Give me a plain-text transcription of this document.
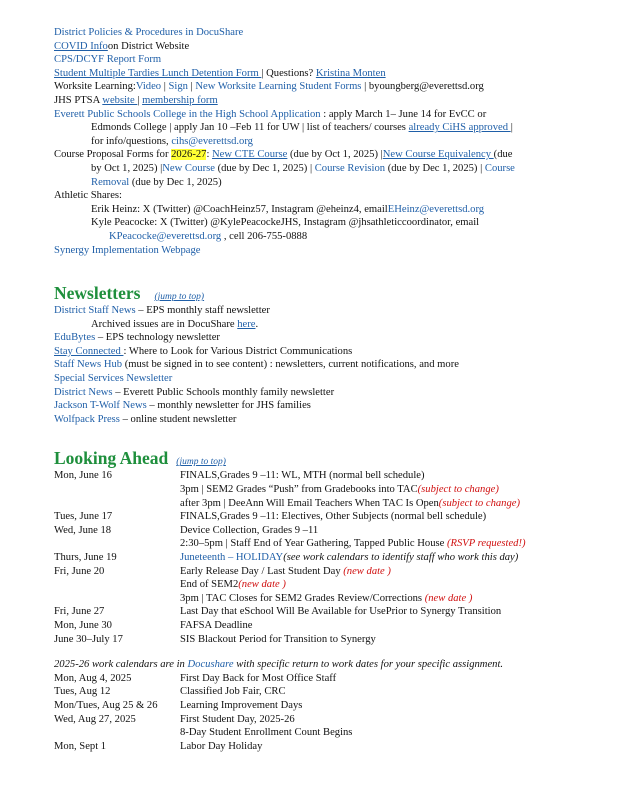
District Policies & Procedures in DocuShare
COVID Infoon District Website
CPS/DCYF Report Form
Student Multiple Tardies Lunch Detention Form | Questions? Kristina Monten
Worksite Learning:Video | Sign | New Worksite Learning Student Forms | byoungberg@everettsd.org
JHS PTSA website | membership form
Everett Public Schools College in the High School Application : apply March 1– June 14 for EvCC or
Edmonds College | apply Jan 10 –Feb 11 for UW | list of teachers/ courses already CiHS approved |
for info/questions, cihs@everettsd.org
Course Proposal Forms for 2026-27: New CTE Course (due by Oct 1, 2025) |New Course Equivalency (due
by Oct 1, 2025) |New Course (due by Dec 1, 2025) | Course Revision (due by Dec 1, 2025) | Course
Removal (due by Dec 1, 2025)
Athletic Shares:
Erik Heinz: X (Twitter) @CoachHeinz57, Instagram @eheinz4, emailEHeinz@everettsd.org
Kyle Peacocke: X (Twitter) @KylePeacockeJHS, Instagram @jhsathleticcoordinator, email
KPeacocke@everettsd.org , cell 206-755-0888
Synergy Implementation Webpage
Newsletters (jump to top)
District Staff News – EPS monthly staff newsletter
Archived issues are in DocuShare here.
EduBytes – EPS technology newsletter
Stay Connected : Where to Look for Various District Communications
Staff News Hub (must be signed in to see content) : newsletters, current notifications, and more
Special Services Newsletter
District News – Everett Public Schools monthly family newsletter
Jackson T-Wolf News – monthly newsletter for JHS families
Wolfpack Press – online student newsletter
Looking Ahead (jump to top)
Mon, June 16	FINALS,Grades 9 –11: WL, MTH (normal bell schedule)
3pm | SEM2 Grades “Push” from Gradebooks into TAC(subject to change)
after 3pm | DeeAnn Will Email Teachers When TAC Is Open(subject to change)
Tues, June 17	FINALS,Grades 9 –11: Electives, Other Subjects (normal bell schedule)
Wed, June 18	Device Collection, Grades 9 –11
2:30–5pm | Staff End of Year Gathering, Tapped Public House (RSVP requested!)
Thurs, June 19	Juneteenth – HOLIDAY(see work calendars to identify staff who work this day)
Fri, June 20	Early Release Day / Last Student Day (new date )
End of SEM2(new date )
3pm | TAC Closes for SEM2 Grades Review/Corrections (new date )
Fri, June 27	Last Day that eSchool Will Be Available for UsePrior to Synergy Transition
Mon, June 30	FAFSA Deadline
June 30–July 17	SIS Blackout Period for Transition to Synergy
2025-26 work calendars are in Docushare with specific return to work dates for your specific assignment.
Mon, Aug 4, 2025	First Day Back for Most Office Staff
Tues, Aug 12	Classified Job Fair, CRC
Mon/Tues, Aug 25 & 26	Learning Improvement Days
Wed, Aug 27, 2025	First Student Day, 2025-26
8-Day Student Enrollment Count Begins
Mon, Sept 1	Labor Day Holiday
